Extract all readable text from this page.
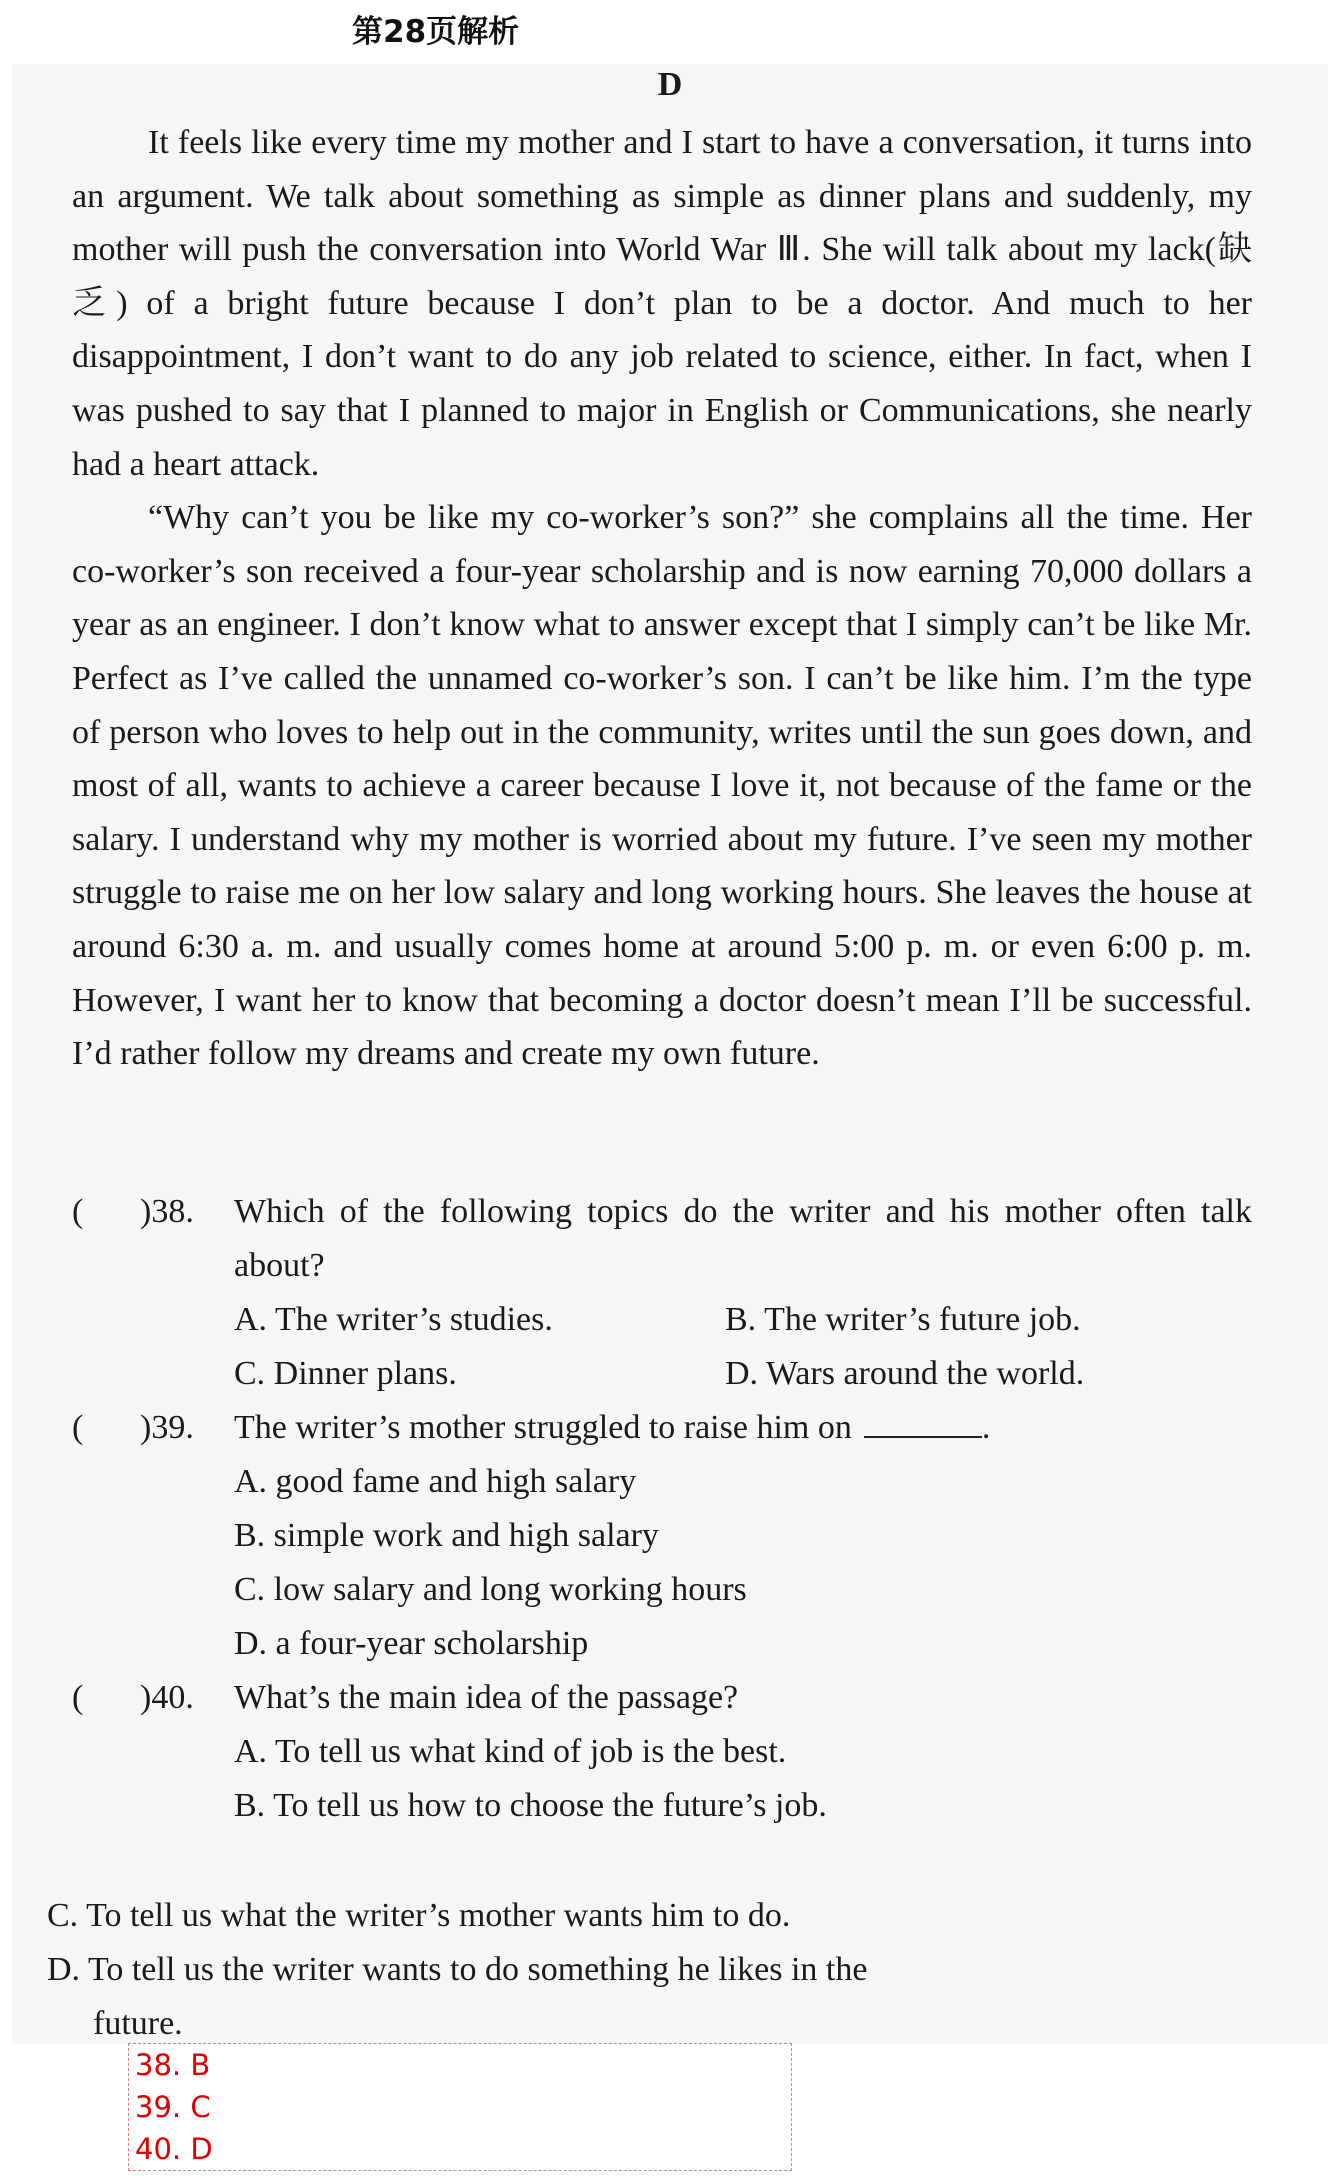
第28页解析
D

It feels like every time my mother and I start to have a conversation, it turns into an argument. We talk about something as simple as dinner plans and suddenly, my mother will push the conversation into World War Ⅲ. She will talk about my lack(缺乏) of a bright future because I don’t plan to be a doctor. And much to her disappointment, I don’t want to do any job related to science, either. In fact, when I was pushed to say that I planned to major in English or Communications, she nearly had a heart attack.

“Why can’t you be like my co-worker’s son?” she complains all the time. Her co-worker’s son received a four-year scholarship and is now earning 70,000 dollars a year as an engineer. I don’t know what to answer except that I simply can’t be like Mr. Perfect as I’ve called the unnamed co-worker’s son. I can’t be like him. I’m the type of person who loves to help out in the community, writes until the sun goes down, and most of all, wants to achieve a career because I love it, not because of the fame or the salary. I understand why my mother is worried about my future. I’ve seen my mother struggle to raise me on her low salary and long working hours. She leaves the house at around 6:30 a. m. and usually comes home at around 5:00 p. m. or even 6:00 p. m. However, I want her to know that becoming a doctor doesn’t mean I’ll be successful. I’d rather follow my dreams and create my own future.

( )38. Which of the following topics do the writer and his mother often talk about?
A. The writer’s studies.	B. The writer’s future job.
C. Dinner plans.	D. Wars around the world.
( )39. The writer’s mother struggled to raise him on	.
A. good fame and high salary
B. simple work and high salary
C. low salary and long working hours
D. a four-year scholarship
( )40. What’s the main idea of the passage?
A. To tell us what kind of job is the best.
B. To tell us how to choose the future’s job.
C. To tell us what the writer’s mother wants him to do.
D. To tell us the writer wants to do something he likes in the
future.
38. B
39. C
40. D
